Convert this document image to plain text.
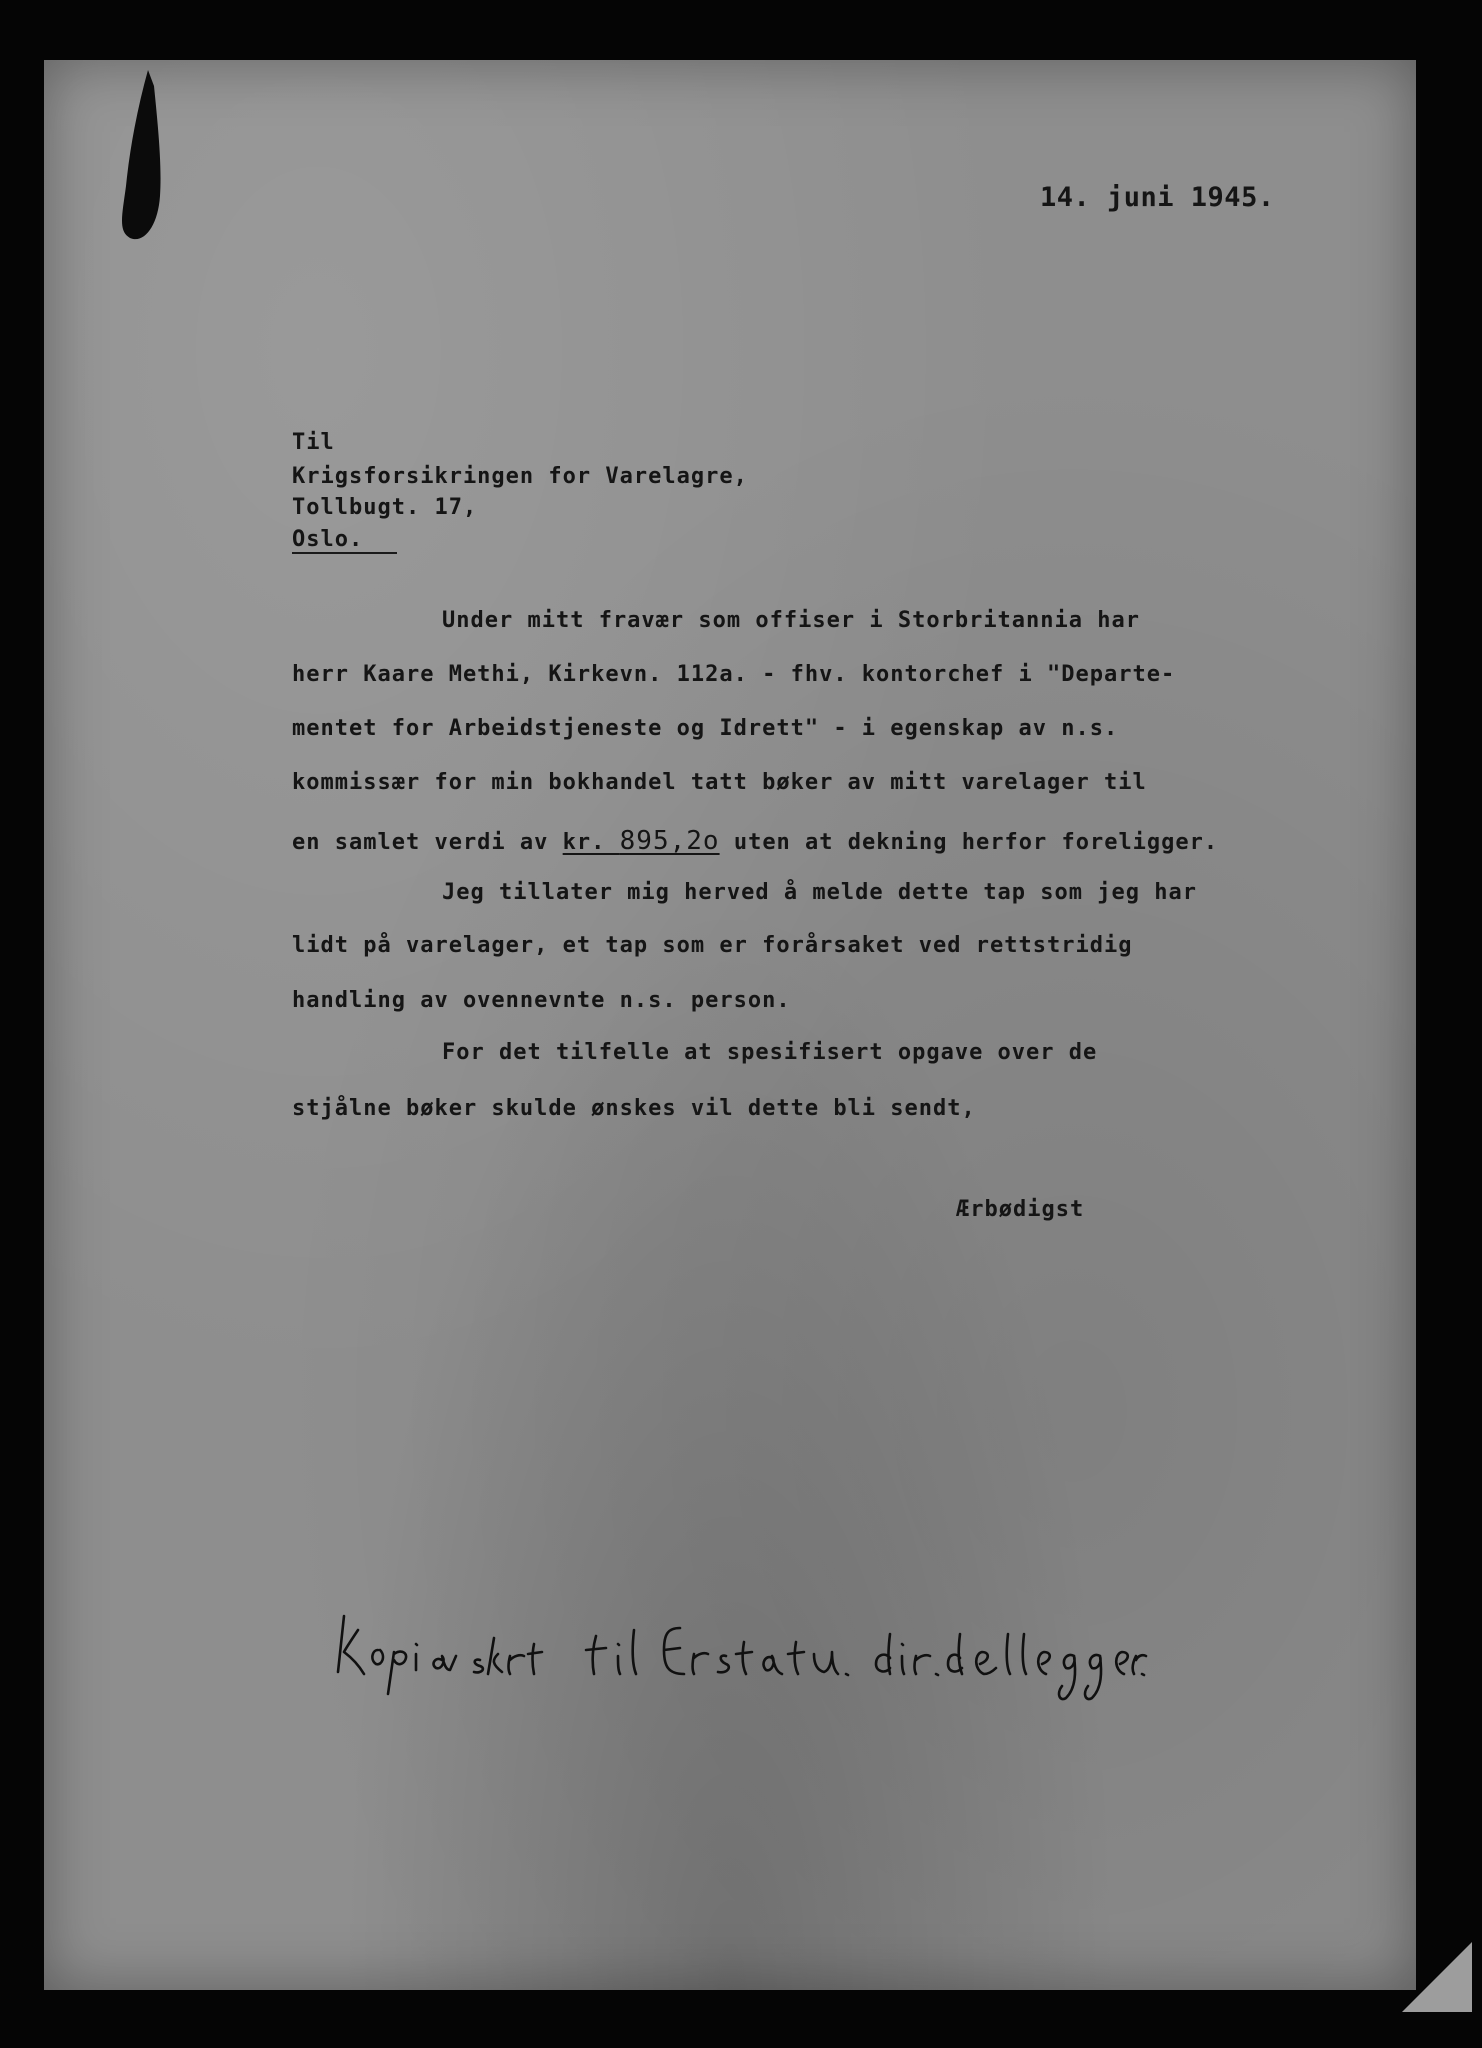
14. juni 1945.
Til
Krigsforsikringen for Varelagre,
Tollbugt. 17,
Oslo.
Under mitt fravær som offiser i Storbritannia har
herr Kaare Methi, Kirkevn. 112a. - fhv. kontorchef i "Departe-
mentet for Arbeidstjeneste og Idrett" - i egenskap av n.s.
kommissær for min bokhandel tatt bøker av mitt varelager til
en samlet verdi av kr. 895,2o uten at dekning herfor foreligger.
Jeg tillater mig herved å melde dette tap som jeg har
lidt på varelager, et tap som er forårsaket ved rettstridig
handling av ovennevnte n.s. person.
For det tilfelle at spesifisert opgave over de
stjålne bøker skulde ønskes vil dette bli sendt,
Ærbødigst
